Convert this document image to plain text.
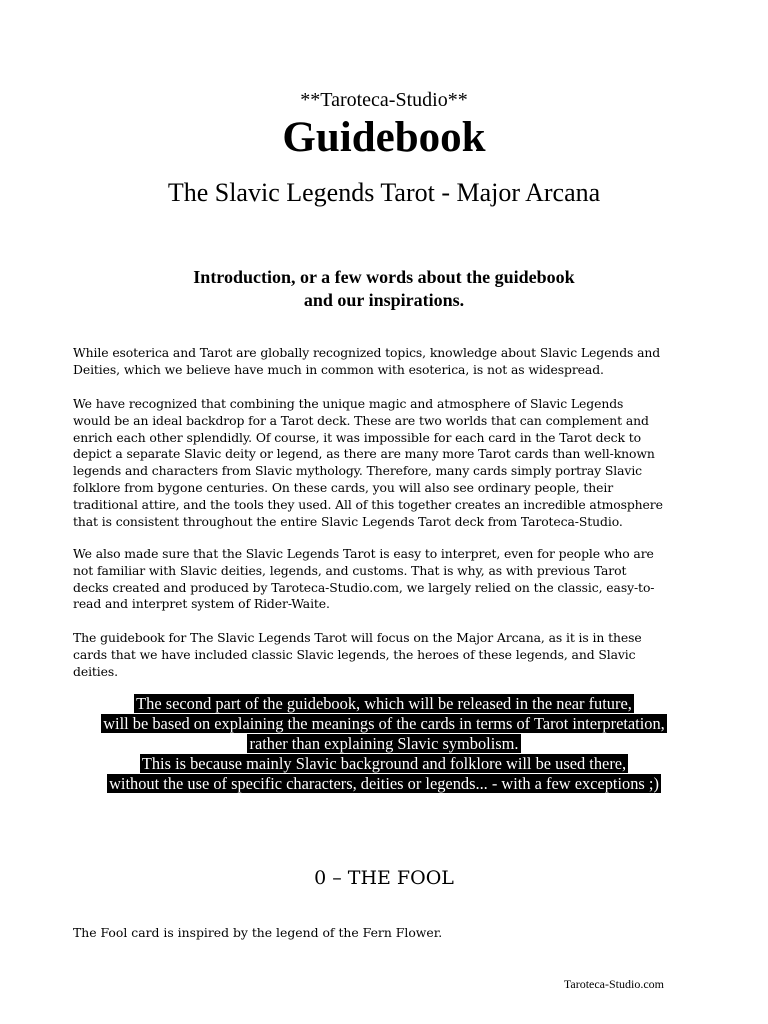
**Taroteca-Studio**
Guidebook
The Slavic Legends Tarot - Major Arcana
Introduction, or a few words about the guidebook
and our inspirations.
While esoterica and Tarot are globally recognized topics, knowledge about Slavic Legends and
Deities, which we believe have much in common with esoterica, is not as widespread.
We have recognized that combining the unique magic and atmosphere of Slavic Legends
would be an ideal backdrop for a Tarot deck. These are two worlds that can complement and
enrich each other splendidly. Of course, it was impossible for each card in the Tarot deck to
depict a separate Slavic deity or legend, as there are many more Tarot cards than well-known
legends and characters from Slavic mythology. Therefore, many cards simply portray Slavic
folklore from bygone centuries. On these cards, you will also see ordinary people, their
traditional attire, and the tools they used. All of this together creates an incredible atmosphere
that is consistent throughout the entire Slavic Legends Tarot deck from Taroteca-Studio.
We also made sure that the Slavic Legends Tarot is easy to interpret, even for people who are
not familiar with Slavic deities, legends, and customs. That is why, as with previous Tarot
decks created and produced by Taroteca-Studio.com, we largely relied on the classic, easy-to-
read and interpret system of Rider-Waite.
The guidebook for The Slavic Legends Tarot will focus on the Major Arcana, as it is in these
cards that we have included classic Slavic legends, the heroes of these legends, and Slavic
deities.
The second part of the guidebook, which will be released in the near future,
will be based on explaining the meanings of the cards in terms of Tarot interpretation,
rather than explaining Slavic symbolism.
This is because mainly Slavic background and folklore will be used there,
without the use of specific characters, deities or legends... - with a few exceptions ;)
0 – THE FOOL
The Fool card is inspired by the legend of the Fern Flower.
Taroteca-Studio.com
